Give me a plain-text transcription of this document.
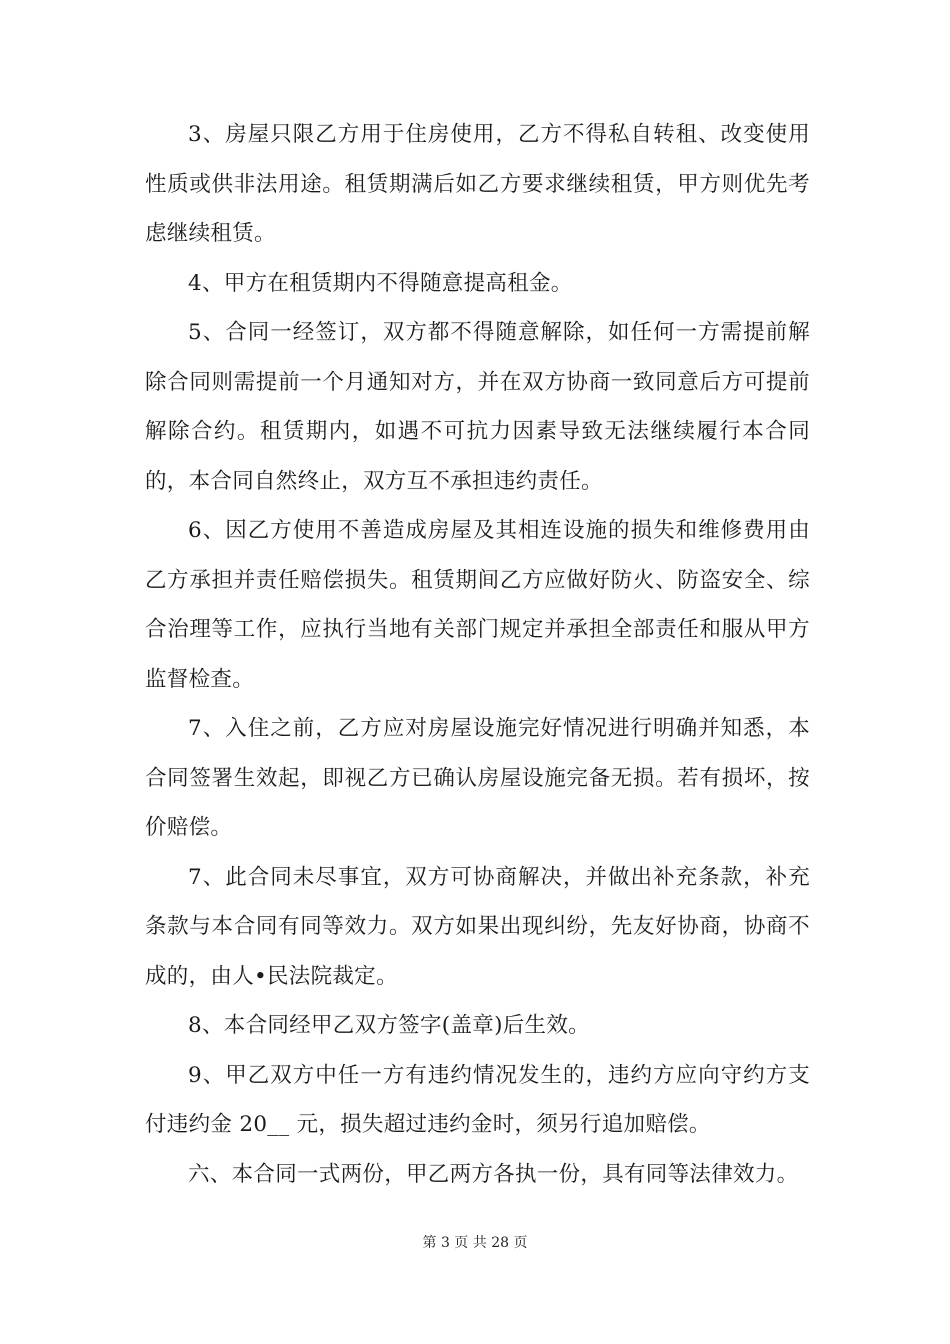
3、房屋只限乙方用于住房使用，乙方不得私自转租、改变使用性质或供非法用途。租赁期满后如乙方要求继续租赁，甲方则优先考虑继续租赁。

4、甲方在租赁期内不得随意提高租金。

5、合同一经签订，双方都不得随意解除，如任何一方需提前解除合同则需提前一个月通知对方，并在双方协商一致同意后方可提前解除合约。租赁期内，如遇不可抗力因素导致无法继续履行本合同的，本合同自然终止，双方互不承担违约责任。

6、因乙方使用不善造成房屋及其相连设施的损失和维修费用由乙方承担并责任赔偿损失。租赁期间乙方应做好防火、防盗安全、综合治理等工作，应执行当地有关部门规定并承担全部责任和服从甲方监督检查。

7、入住之前，乙方应对房屋设施完好情况进行明确并知悉，本合同签署生效起，即视乙方已确认房屋设施完备无损。若有损坏，按价赔偿。

7、此合同未尽事宜，双方可协商解决，并做出补充条款，补充条款与本合同有同等效力。双方如果出现纠纷，先友好协商，协商不成的，由人•民法院裁定。

8、本合同经甲乙双方签字(盖章)后生效。

9、甲乙双方中任一方有违约情况发生的，违约方应向守约方支付违约金 20__ 元，损失超过违约金时，须另行追加赔偿。

六、本合同一式两份，甲乙两方各执一份，具有同等法律效力。

第 3 页 共 28 页
